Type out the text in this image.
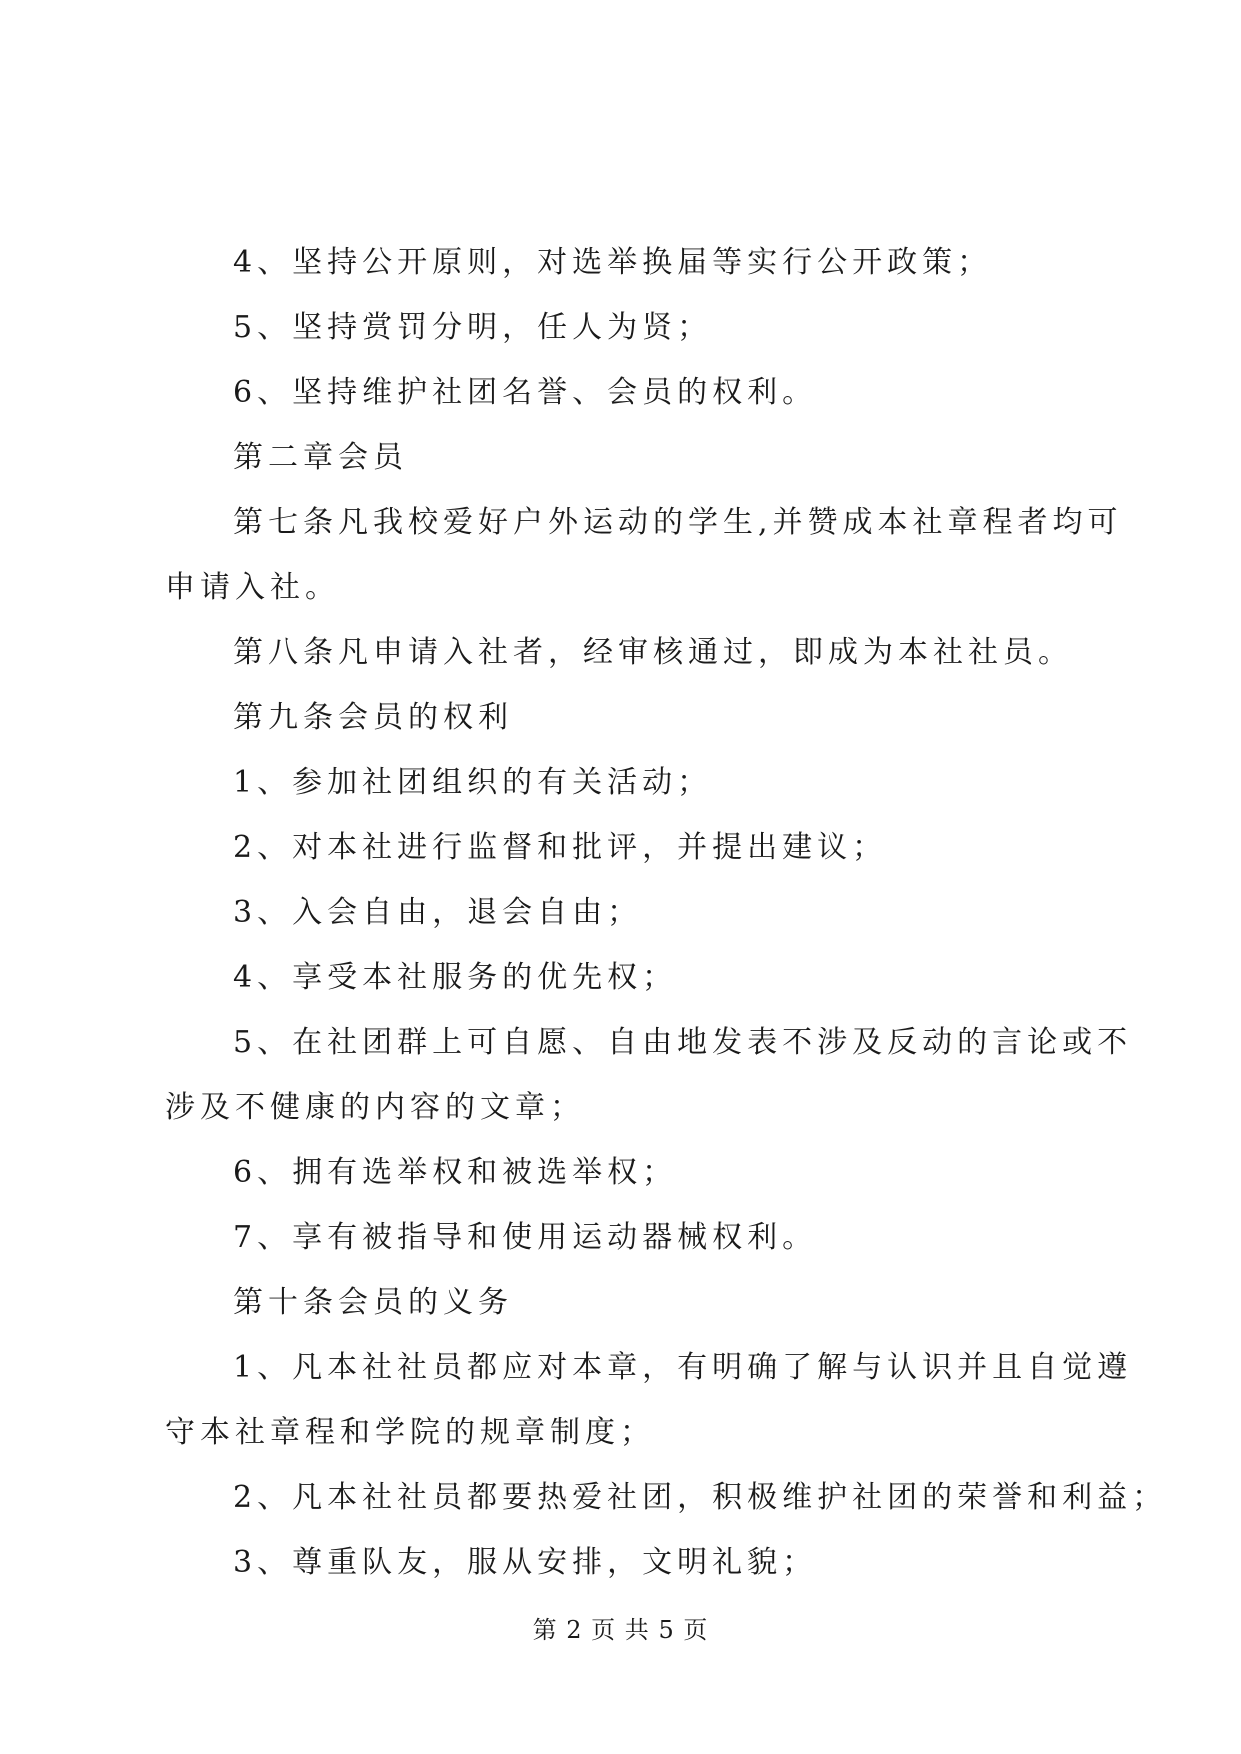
4、坚持公开原则，对选举换届等实行公开政策；
5、坚持赏罚分明，任人为贤；
6、坚持维护社团名誉、会员的权利。
第二章会员
第七条凡我校爱好户外运动的学生,并赞成本社章程者均可
申请入社。
第八条凡申请入社者，经审核通过，即成为本社社员。
第九条会员的权利
1、参加社团组织的有关活动；
2、对本社进行监督和批评，并提出建议；
3、入会自由，退会自由；
4、享受本社服务的优先权；
5、在社团群上可自愿、自由地发表不涉及反动的言论或不
涉及不健康的内容的文章；
6、拥有选举权和被选举权；
7、享有被指导和使用运动器械权利。
第十条会员的义务
1、凡本社社员都应对本章，有明确了解与认识并且自觉遵
守本社章程和学院的规章制度；
2、凡本社社员都要热爱社团，积极维护社团的荣誉和利益；
3、尊重队友，服从安排，文明礼貌；
第 2 页 共 5 页
